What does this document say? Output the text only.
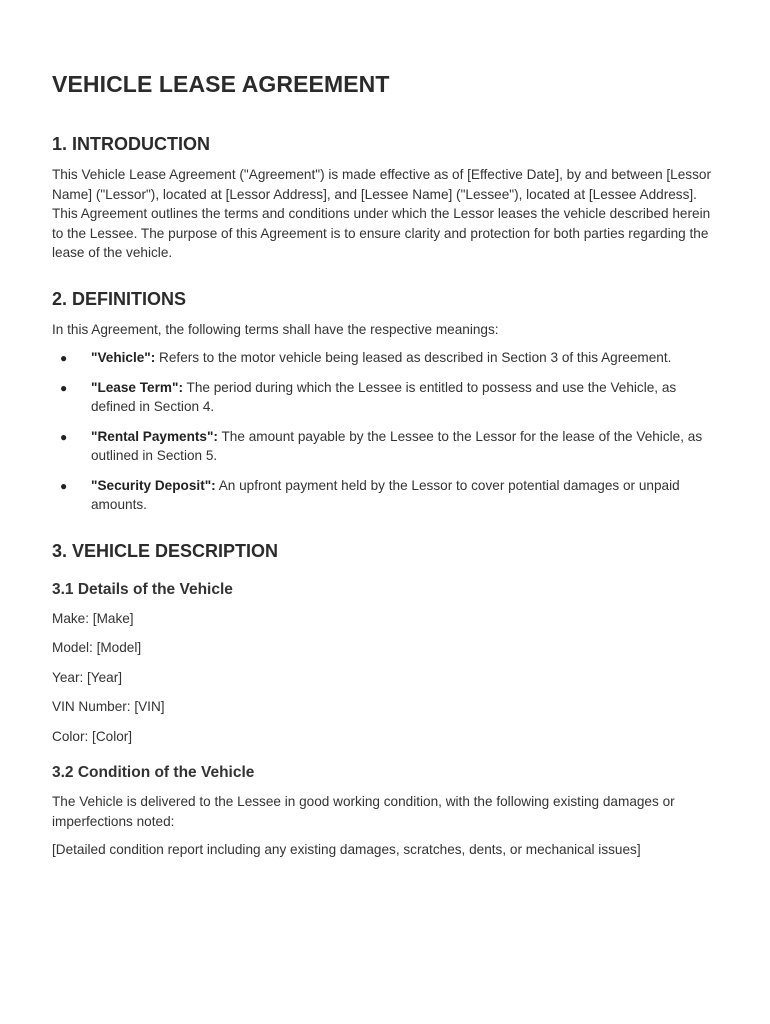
VEHICLE LEASE AGREEMENT
1. INTRODUCTION

This Vehicle Lease Agreement ("Agreement") is made effective as of [Effective Date], by and between [Lessor Name] ("Lessor"), located at [Lessor Address], and [Lessee Name] ("Lessee"), located at [Lessee Address]. This Agreement outlines the terms and conditions under which the Lessor leases the vehicle described herein to the Lessee. The purpose of this Agreement is to ensure clarity and protection for both parties regarding the lease of the vehicle.

2. DEFINITIONS

In this Agreement, the following terms shall have the respective meanings:

● "Vehicle": Refers to the motor vehicle being leased as described in Section 3 of this Agreement.
● "Lease Term": The period during which the Lessee is entitled to possess and use the Vehicle, as defined in Section 4.
● "Rental Payments": The amount payable by the Lessee to the Lessor for the lease of the Vehicle, as outlined in Section 5.
● "Security Deposit": An upfront payment held by the Lessor to cover potential damages or unpaid amounts.
3. VEHICLE DESCRIPTION
3.1 Details of the Vehicle

Make: [Make]

Model: [Model]

Year: [Year]

VIN Number: [VIN]

Color: [Color]

3.2 Condition of the Vehicle

The Vehicle is delivered to the Lessee in good working condition, with the following existing damages or imperfections noted:

[Detailed condition report including any existing damages, scratches, dents, or mechanical issues]
